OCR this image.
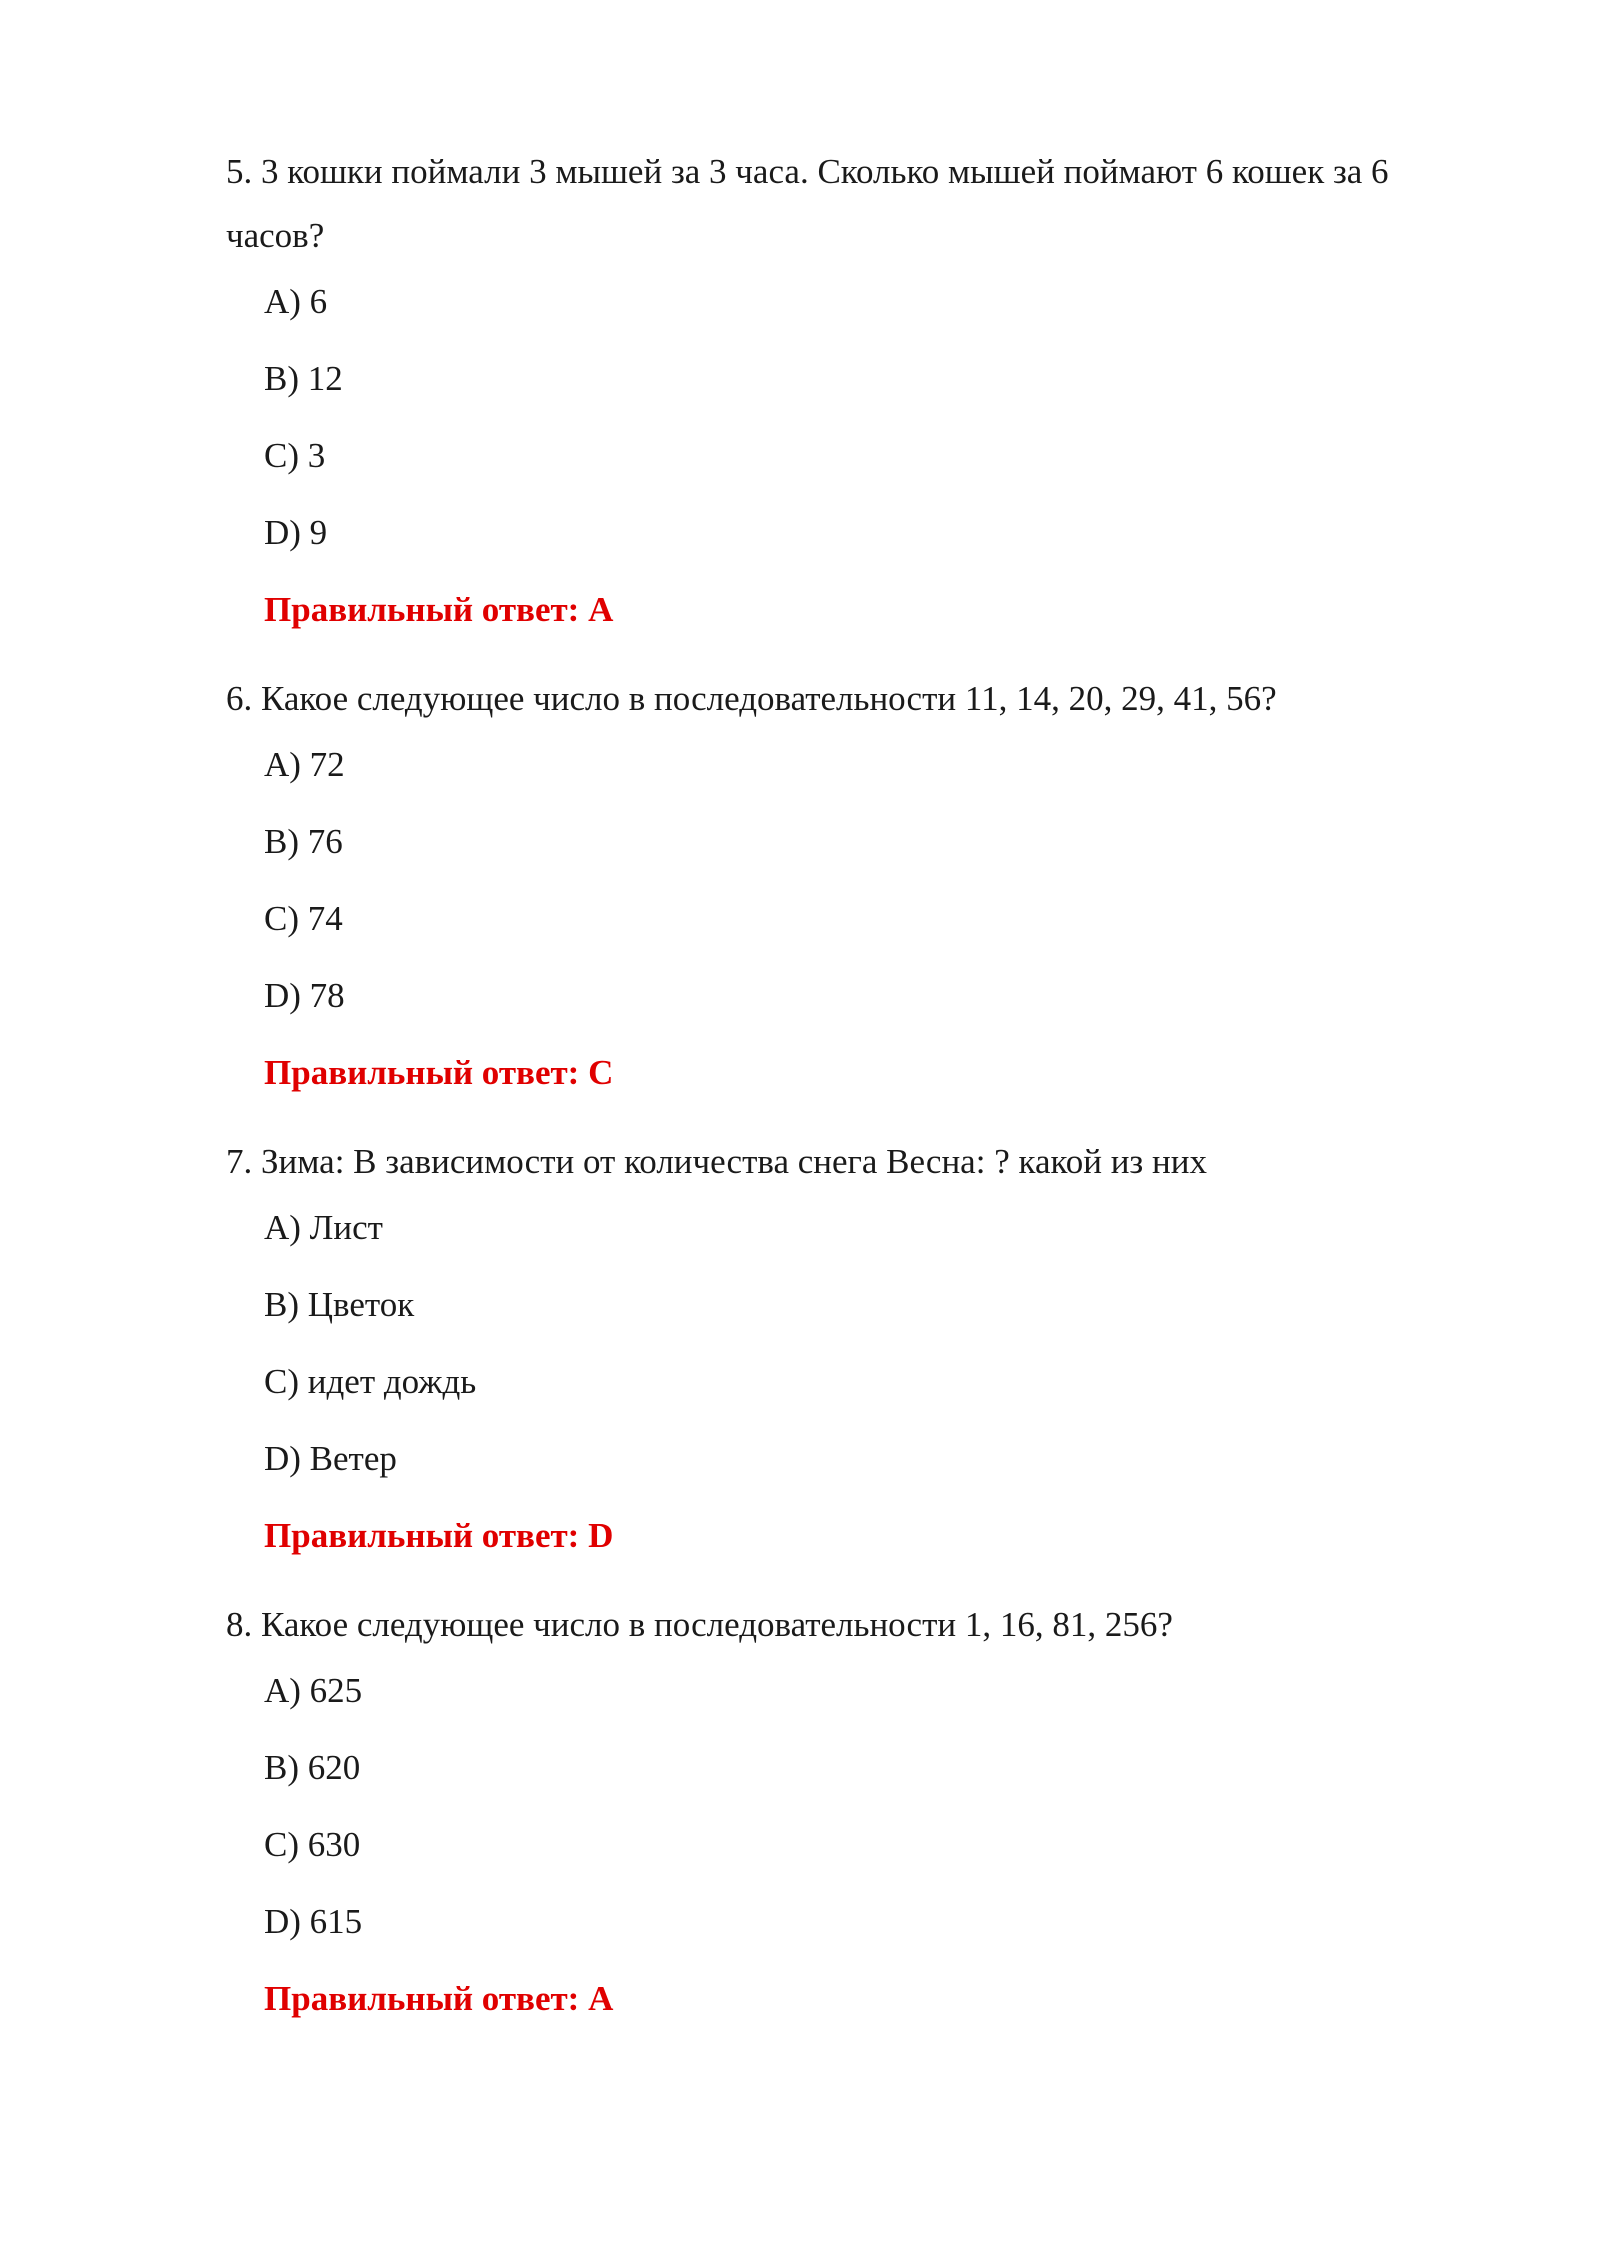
5. 3 кошки поймали 3 мышей за 3 часа. Сколько мышей поймают 6 кошек за 6 часов?

A) 6
B) 12
C) 3
D) 9

Правильный ответ: A

6. Какое следующее число в последовательности 11, 14, 20, 29, 41, 56?

A) 72
B) 76
C) 74
D) 78

Правильный ответ: C

7. Зима: В зависимости от количества снега Весна: ? какой из них

A) Лист
B) Цветок
C) идет дождь
D) Ветер

Правильный ответ: D

8. Какое следующее число в последовательности 1, 16, 81, 256?

A) 625
B) 620
C) 630
D) 615

Правильный ответ: A
